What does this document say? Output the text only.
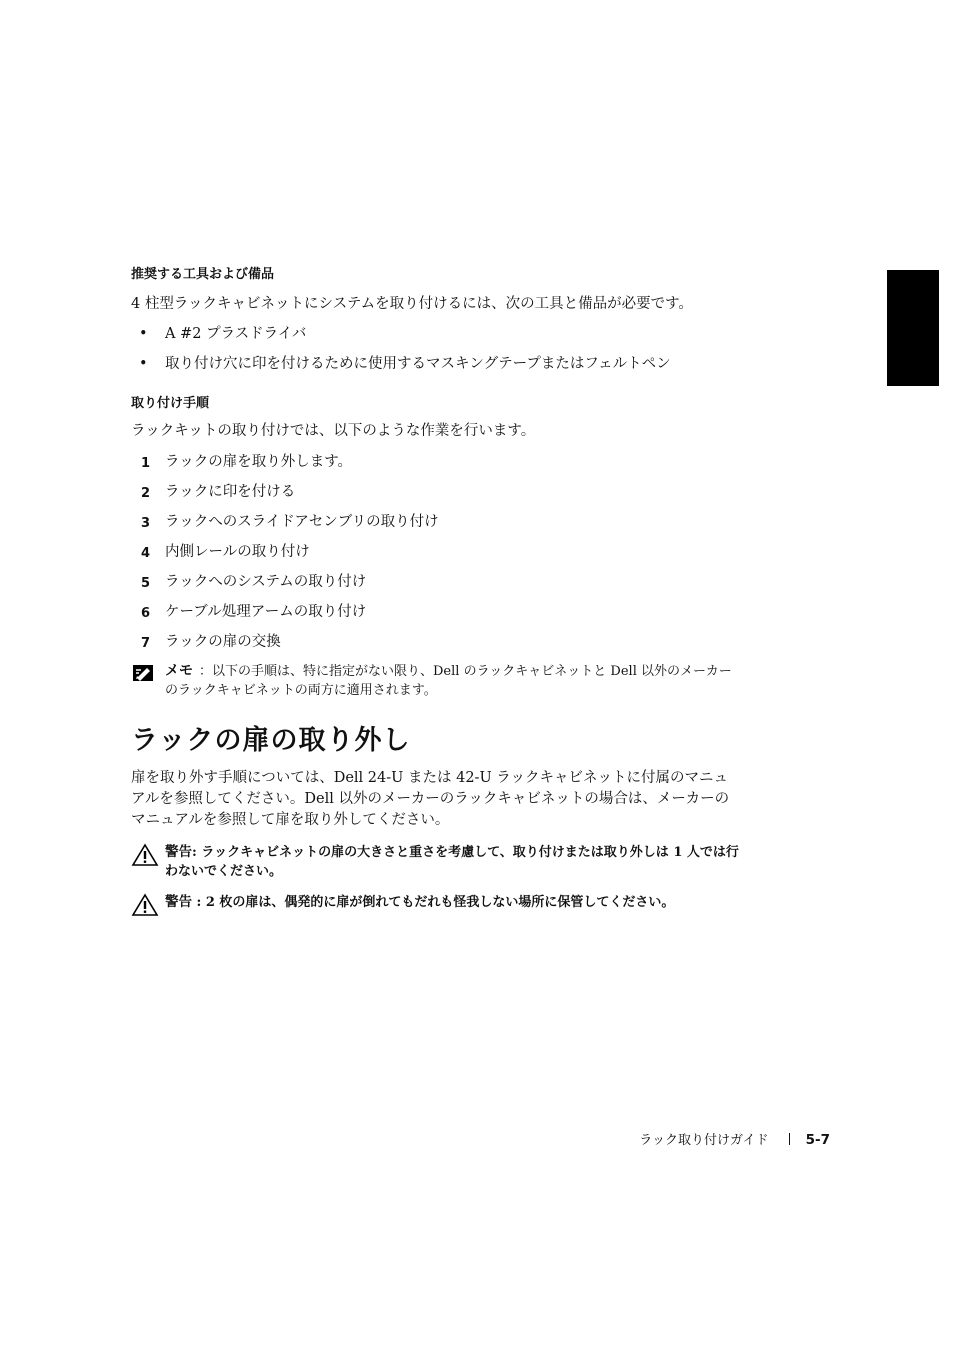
推奨する工具および備品

4 柱型ラックキャビネットにシステムを取り付けるには、次の工具と備品が必要です。

• A #2 プラスドライバ
• 取り付け穴に印を付けるために使用するマスキングテープまたはフェルトペン
取り付け手順

ラックキットの取り付けでは、以下のような作業を行います。

1 ラックの扉を取り外します。
2 ラックに印を付ける
3 ラックへのスライドアセンブリの取り付け
4 内側レールの取り付け
5 ラックへのシステムの取り付け
6 ケーブル処理アームの取り付け
7 ラックの扉の交換
メモ ：以下の手順は、特に指定がない限り、Dell のラックキャビネットと Dell 以外のメーカーのラックキャビネットの両方に適用されます。
ラックの扉の取り外し

扉を取り外す手順については、Dell 24-U または 42-U ラックキャビネットに付属のマニュアルを参照してください。Dell 以外のメーカーのラックキャビネットの場合は、メーカーのマニュアルを参照して扉を取り外してください。

警告: ラックキャビネットの扉の大きさと重さを考慮して、取り付けまたは取り外しは 1 人では行わないでください。
警告 : 2 枚の扉は、偶発的に扉が倒れてもだれも怪我しない場所に保管してください。
ラック取り付けガイド	5-7
